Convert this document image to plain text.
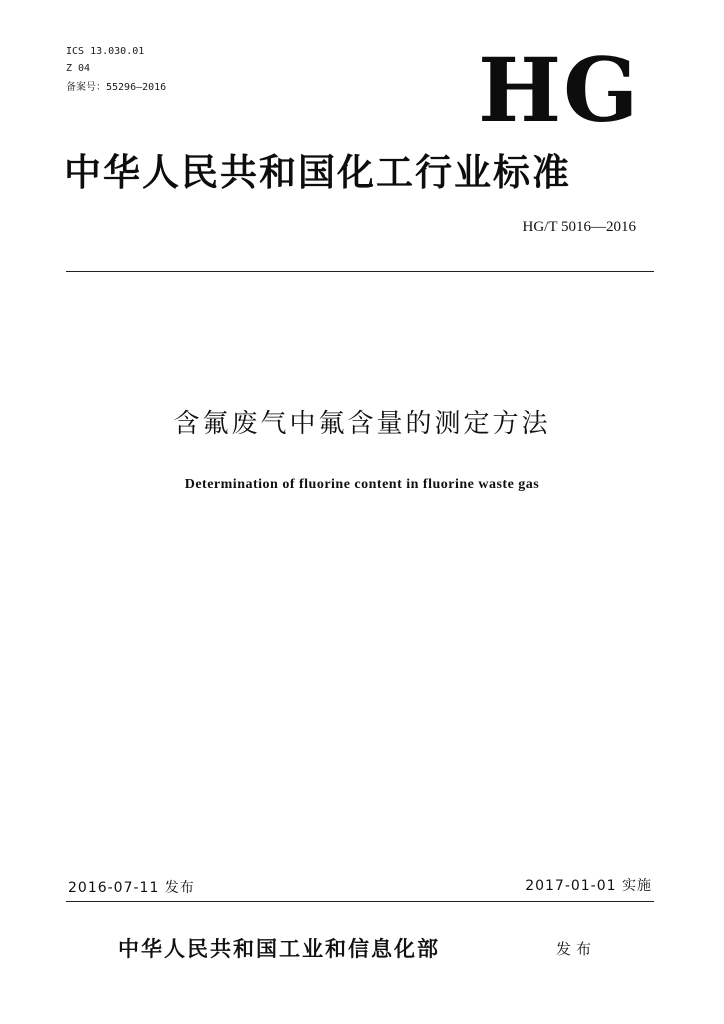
ICS 13.030.01
Z 04
备案号：55296—2016	HG
中华人民共和国化工行业标准
HG/T 5016—2016
含氟废气中氟含量的测定方法
Determination of fluorine content in fluorine waste gas
2016-07-11 发布	2017-01-01 实施
中华人民共和国工业和信息化部	发布
